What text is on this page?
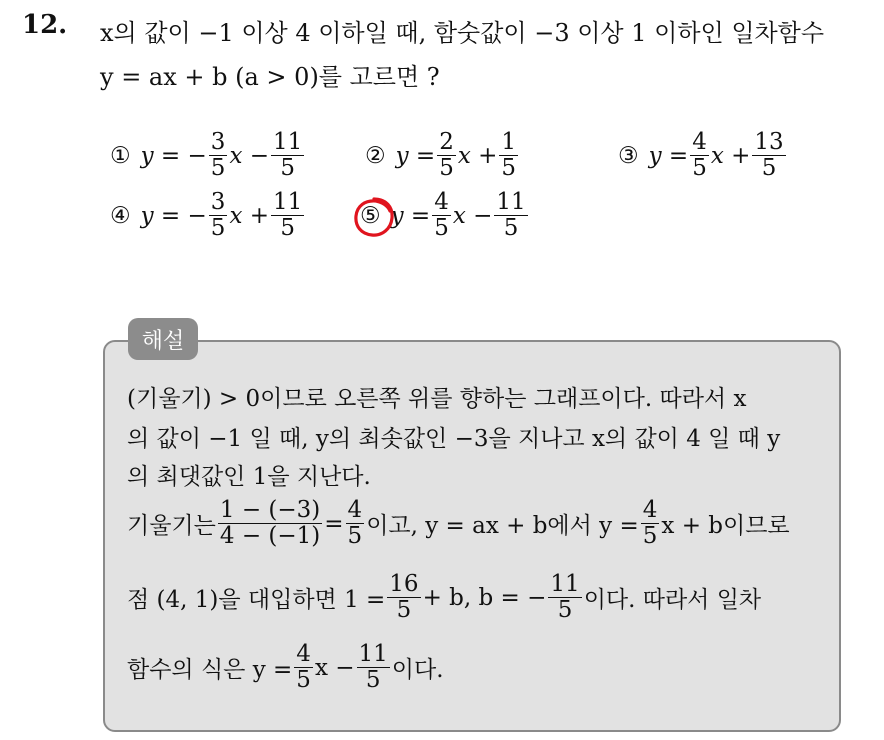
12. x의 값이 −1 이상 4 이하일 때, 함숫값이 −3 이상 1 이하인 일차함수
y = ax + b (a > 0)를 고르면 ?
① y = − $\frac{3}{5}$ $x - \frac{11}{5}$	② $y = \frac{2}{5}$ $x + \frac{1}{5}$	③ $y = \frac{4}{5}$ $x + \frac{13}{5}$
④ y = − $\frac{3}{5}$ $x + \frac{11}{5}$ ⑤ $y = \frac{4}{5}$ $x - \frac{11}{5}$
해설
(기울기) > 0이므로 오른쪽 위를 향하는 그래프이다. 따라서 x
의 값이 −1 일 때, y의 최솟값인 −3을 지나고 x의 값이 4 일 때 y
의 최댓값인 1을 지난다.
기울기는 $\frac{1 - (-3)}{4 - (-1)} = \frac{4}{5}$ 이고, y = ax + b에서 $y = \frac{4}{5}$ x + b이므로
점 (4, 1)을 대입하면 $1 = \frac{16}{5} + b$, b = − $\frac{11}{5}$ 이다. 따라서 일차
함수의 식은 $y = \frac{4}{5}$ $x - \frac{11}{5}$ 이다.
